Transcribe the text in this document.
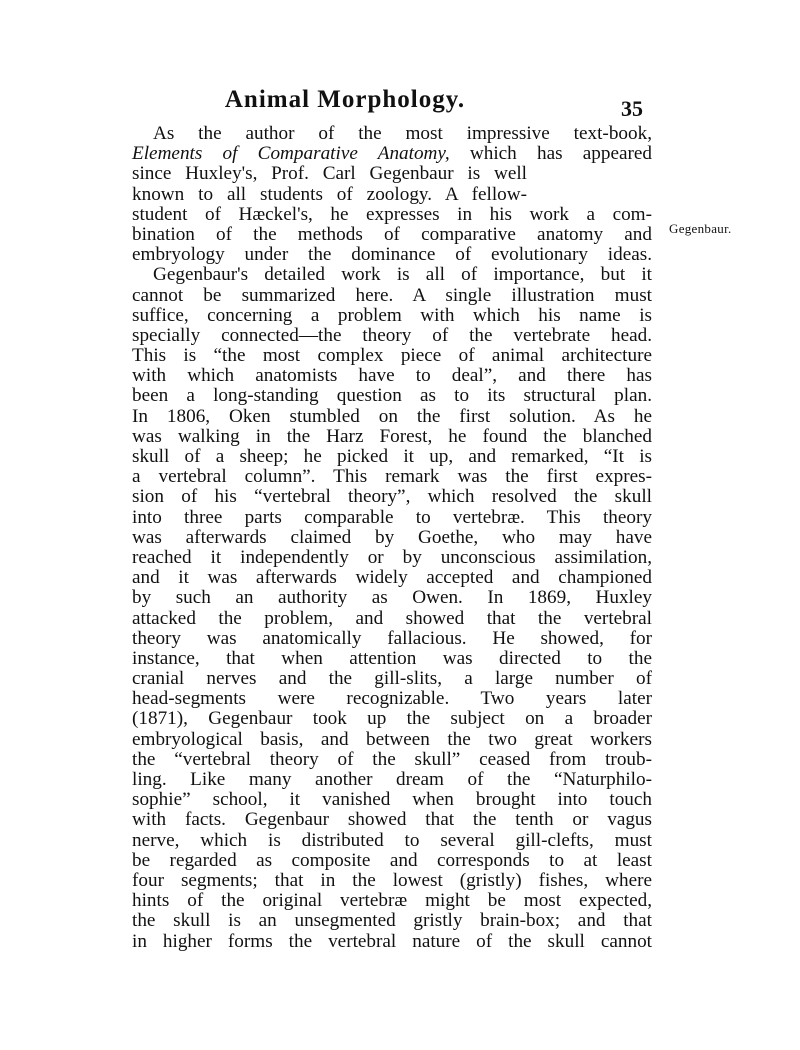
Animal Morphology.	35
As the author of the most impressive text-book,
Elements of Comparative Anatomy, which has appeared
since Huxley's, Prof. Carl Gegenbaur is well
Gegenbaur.
known to all students of zoology. A fellow-
student of Hæckel's, he expresses in his work a com-
bination of the methods of comparative anatomy and
embryology under the dominance of evolutionary ideas.
Gegenbaur's detailed work is all of importance, but it
cannot be summarized here. A single illustration must
suffice, concerning a problem with which his name is
specially connected—the theory of the vertebrate head.
This is “the most complex piece of animal architecture
with which anatomists have to deal”, and there has
been a long-standing question as to its structural plan.
In 1806, Oken stumbled on the first solution. As he
was walking in the Harz Forest, he found the blanched
skull of a sheep; he picked it up, and remarked, “It is
a vertebral column”. This remark was the first expres-
sion of his “vertebral theory”, which resolved the skull
into three parts comparable to vertebræ. This theory
was afterwards claimed by Goethe, who may have
reached it independently or by unconscious assimilation,
and it was afterwards widely accepted and championed
by such an authority as Owen. In 1869, Huxley
attacked the problem, and showed that the vertebral
theory was anatomically fallacious. He showed, for
instance, that when attention was directed to the
cranial nerves and the gill-slits, a large number of
head-segments were recognizable. Two years later
(1871), Gegenbaur took up the subject on a broader
embryological basis, and between the two great workers
the “vertebral theory of the skull” ceased from troub-
ling. Like many another dream of the “Naturphilo-
sophie” school, it vanished when brought into touch
with facts. Gegenbaur showed that the tenth or vagus
nerve, which is distributed to several gill-clefts, must
be regarded as composite and corresponds to at least
four segments; that in the lowest (gristly) fishes, where
hints of the original vertebræ might be most expected,
the skull is an unsegmented gristly brain-box; and that
in higher forms the vertebral nature of the skull cannot
